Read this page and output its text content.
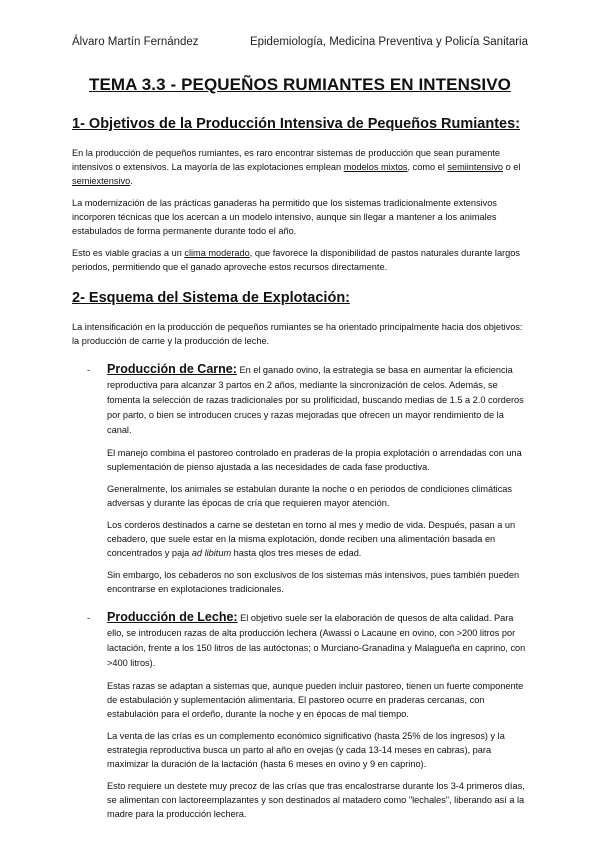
Álvaro Martín Fernández	Epidemiología, Medicina Preventiva y Policía Sanitaria
TEMA 3.3 - PEQUEÑOS RUMIANTES EN INTENSIVO
1- Objetivos de la Producción Intensiva de Pequeños Rumiantes:

En la producción de pequeños rumiantes, es raro encontrar sistemas de producción que sean puramente intensivos o extensivos. La mayoría de las explotaciones emplean modelos mixtos, como el semiintensivo o el semiextensivo.

La modernización de las prácticas ganaderas ha permitido que los sistemas tradicionalmente extensivos incorporen técnicas que los acercan a un modelo intensivo, aunque sin llegar a mantener a los animales estabulados de forma permanente durante todo el año.

Esto es viable gracias a un clima moderado, que favorece la disponibilidad de pastos naturales durante largos periodos, permitiendo que el ganado aproveche estos recursos directamente.

2- Esquema del Sistema de Explotación:

La intensificación en la producción de pequeños rumiantes se ha orientado principalmente hacia dos objetivos: la producción de carne y la producción de leche.

-	Producción de Carne: En el ganado ovino, la estrategia se basa en aumentar la eficiencia reproductiva para alcanzar 3 partos en 2 años, mediante la sincronización de celos. Además, se fomenta la selección de razas tradicionales por su prolificidad, buscando medias de 1.5 a 2.0 corderos por parto, o bien se introducen cruces y razas mejoradas que ofrecen un mayor rendimiento de la canal.

El manejo combina el pastoreo controlado en praderas de la propia explotación o arrendadas con una suplementación de pienso ajustada a las necesidades de cada fase productiva.

Generalmente, los animales se estabulan durante la noche o en periodos de condiciones climáticas adversas y durante las épocas de cría que requieren mayor atención.

Los corderos destinados a carne se destetan en torno al mes y medio de vida. Después, pasan a un cebadero, que suele estar en la misma explotación, donde reciben una alimentación basada en concentrados y paja ad libitum hasta qlos tres meses de edad.

Sin embargo, los cebaderos no son exclusivos de los sistemas más intensivos, pues también pueden encontrarse en explotaciones tradicionales.

-	Producción de Leche: El objetivo suele ser la elaboración de quesos de alta calidad. Para ello, se introducen razas de alta producción lechera (Awassi o Lacaune en ovino, con >200 litros por lactación, frente a los 150 litros de las autóctonas; o Murciano-Granadina y Malagueña en caprino, con >400 litros).

Estas razas se adaptan a sistemas que, aunque pueden incluir pastoreo, tienen un fuerte componente de estabulación y suplementación alimentaria. El pastoreo ocurre en praderas cercanas, con estabulación para el ordeño, durante la noche y en épocas de mal tiempo.

La venta de las crías es un complemento económico significativo (hasta 25% de los ingresos) y la estrategia reproductiva busca un parto al año en ovejas (y cada 13-14 meses en cabras), para maximizar la duración de la lactación (hasta 6 meses en ovino y 9 en caprino).

Esto requiere un destete muy precoz de las crías que tras encalostrarse durante los 3-4 primeros días, se alimentan con lactoreemplazantes y son destinados al matadero como "lechales", liberando así a la madre para la producción lechera.
